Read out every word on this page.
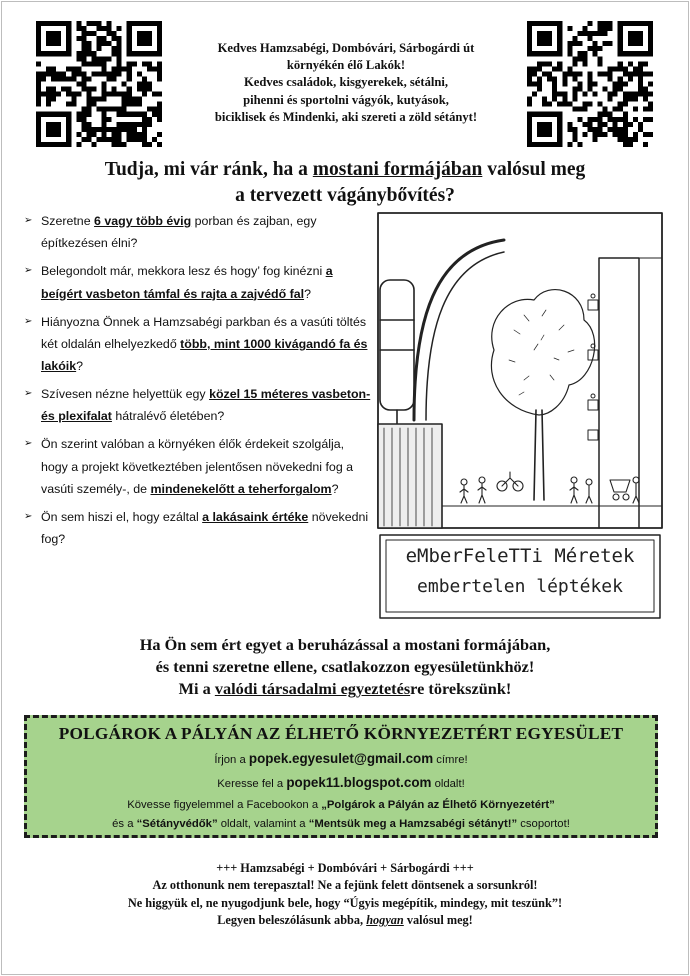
Kedves Hamzsabégi, Dombóvári, Sárbogárdi út
környékén élő Lakók!
Kedves családok, kisgyerekek, sétálni,
pihenni és sportolni vágyók, kutyások,
biciklisek és Mindenki, aki szereti a zöld sétányt!
Tudja, mi vár ránk, ha a mostani formájában valósul meg
a tervezett vágánybővítés?
➢ Szeretne 6 vagy több évig porban és zajban, egy építkezésen élni?
➢ Belegondolt már, mekkora lesz és hogy’ fog kinézni a beígért vasbeton támfal és rajta a zajvédő fal?
➢ Hiányozna Önnek a Hamzsabégi parkban és a vasúti töltés két oldalán elhelyezkedő több, mint 1000 kivágandó fa és lakóik?
➢ Szívesen nézne helyettük egy közel 15 méteres vasbeton- és plexifalat hátralévő életében?
➢ Ön szerint valóban a környéken élők érdekeit szolgálja, hogy a projekt következtében jelentősen növekedni fog a vasúti személy-, de mindenekelőtt a teherforgalom?
➢ Ön sem hiszi el, hogy ezáltal a lakásaink értéke növekedni fog?
eMberFeleTTi Méretek
embertelen léptékek
Ha Ön sem ért egyet a beruházással a mostani formájában,
és tenni szeretne ellene, csatlakozzon egyesületünkhöz!
Mi a valódi társadalmi egyeztetésre törekszünk!
POLGÁROK A PÁLYÁN AZ ÉLHETŐ KÖRNYEZETÉRT EGYESÜLET
Írjon a popek.egyesulet@gmail.com címre!
Keresse fel a popek11.blogspot.com oldalt!
Kövesse figyelemmel a Facebookon a „Polgárok a Pályán az Élhető Környezetért”
és a “Sétányvédők” oldalt, valamint a “Mentsük meg a Hamzsabégi sétányt!” csoportot!
+++ Hamzsabégi + Dombóvári + Sárbogárdi +++
Az otthonunk nem terepasztal! Ne a fejünk felett döntsenek a sorsunkról!
Ne higgyük el, ne nyugodjunk bele, hogy “Úgyis megépítik, mindegy, mit teszünk”!
Legyen beleszólásunk abba, hogyan valósul meg!
